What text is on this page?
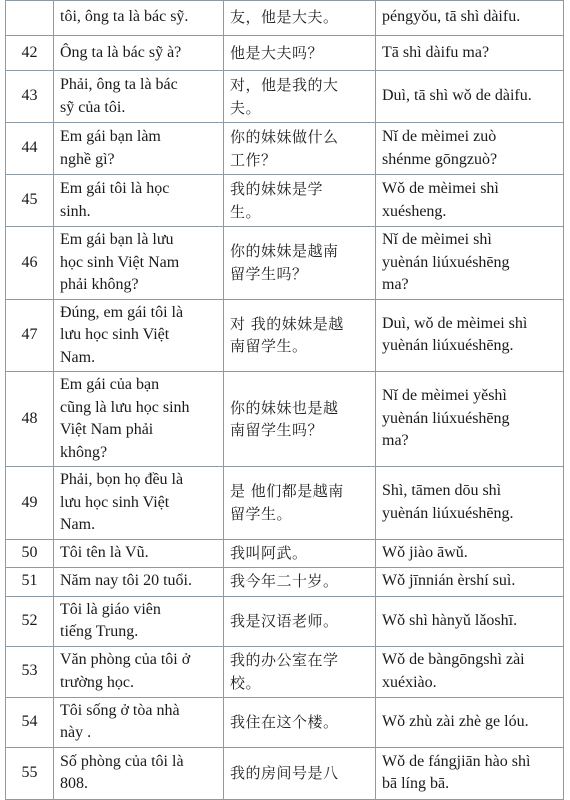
	tôi, ông ta là bác sỹ.	友，他是大夫。	péngyǒu, tā shì dàifu.
42	Ông ta là bác sỹ à?	他是大夫吗？	Tā shì dàifu ma?
43	Phải, ông ta là bác
sỹ của tôi.	对，他是我的大
夫。	Duì, tā shì wǒ de dàifu.
44	Em gái bạn làm
nghề gì?	你的妹妹做什么
工作？	Nǐ de mèimei zuò
shénme gōngzuò?
45	Em gái tôi là học
sinh.	我的妹妹是学
生。	Wǒ de mèimei shì
xuésheng.
46	Em gái bạn là lưu
học sinh Việt Nam
phải không?	你的妹妹是越南
留学生吗？	Nǐ de mèimei shì
yuènán liúxuéshēng
ma?
47	Đúng, em gái tôi là
lưu học sinh Việt
Nam.	对 我的妹妹是越
南留学生。	Duì, wǒ de mèimei shì
yuènán liúxuéshēng.
48	Em gái của bạn
cũng là lưu học sinh
Việt Nam phải
không?	你的妹妹也是越
南留学生吗？	Nǐ de mèimei yěshì
yuènán liúxuéshēng
ma?
49	Phải, bọn họ đều là
lưu học sinh Việt
Nam.	是 他们都是越南
留学生。	Shì, tāmen dōu shì
yuènán liúxuéshēng.
50	Tôi tên là Vũ.	我叫阿武。	Wǒ jiào āwǔ.
51	Năm nay tôi 20 tuổi.	我今年二十岁。	Wǒ jīnnián èrshí suì.
52	Tôi là giáo viên
tiếng Trung.	我是汉语老师。	Wǒ shì hànyǔ lǎoshī.
53	Văn phòng của tôi ở
trường học.	我的办公室在学
校。	Wǒ de bàngōngshì zài
xuéxiào.
54	Tôi sống ở tòa nhà
này .	我住在这个楼。	Wǒ zhù zài zhè ge lóu.
55	Số phòng của tôi là
808.	我的房间号是八	Wǒ de fángjiān hào shì
bā líng bā.
